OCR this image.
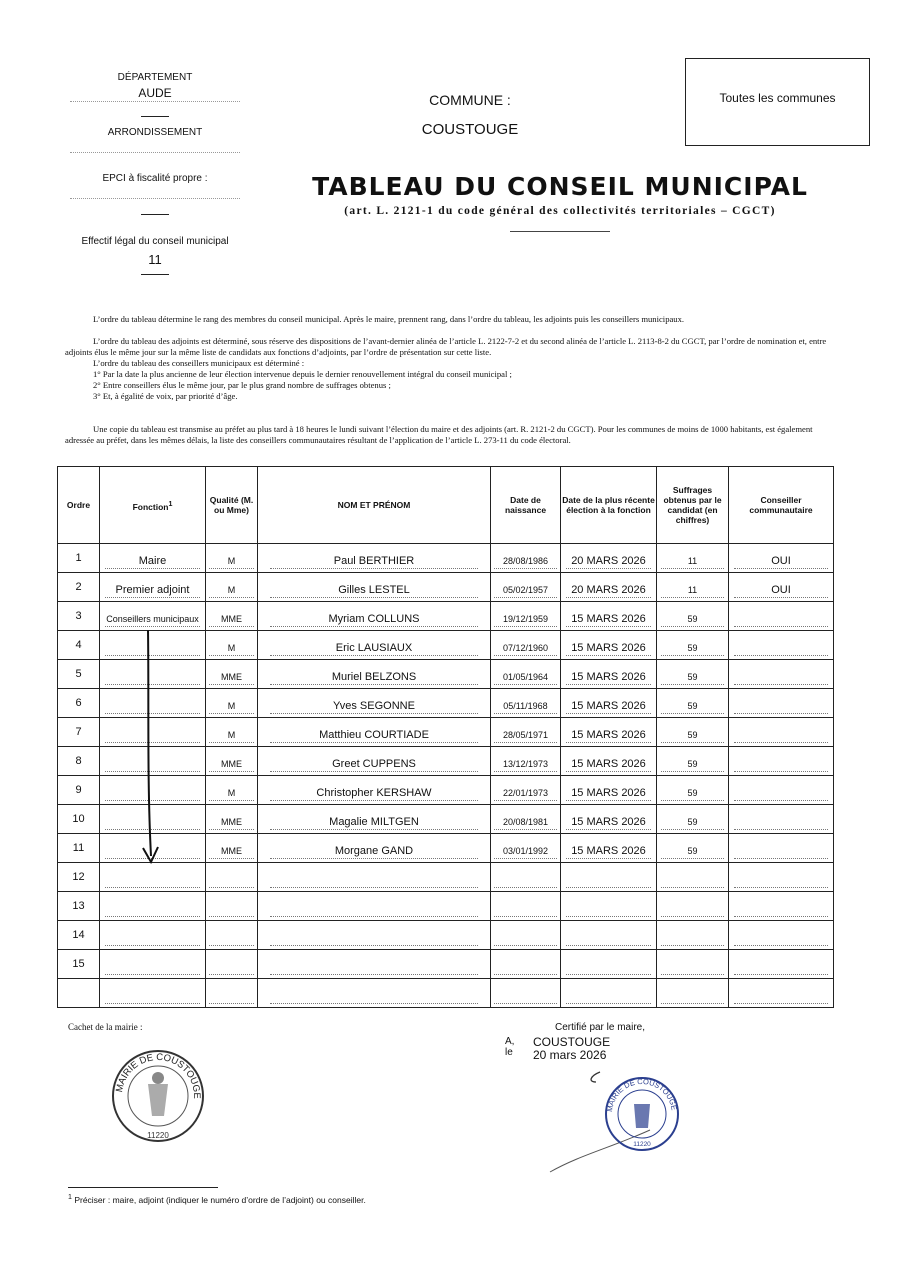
DÉPARTEMENT
AUDE
ARRONDISSEMENT
EPCI à fiscalité propre :
Effectif légal du conseil municipal
11
COMMUNE :
COUSTOUGE
Toutes les communes
TABLEAU DU CONSEIL MUNICIPAL
(art. L. 2121-1 du code général des collectivités territoriales – CGCT)

L’ordre du tableau détermine le rang des membres du conseil municipal. Après le maire, prennent rang, dans l’ordre du tableau, les adjoints puis les conseillers municipaux.

L’ordre du tableau des adjoints est déterminé, sous réserve des dispositions de l’avant-dernier alinéa de l’article L. 2122-7-2 et du second alinéa de l’article L. 2113-8-2 du CGCT, par l’ordre de nomination et, entre adjoints élus le même jour sur la même liste de candidats aux fonctions d’adjoints, par l’ordre de présentation sur cette liste.

L’ordre du tableau des conseillers municipaux est déterminé :

1° Par la date la plus ancienne de leur élection intervenue depuis le dernier renouvellement intégral du conseil municipal ;

2° Entre conseillers élus le même jour, par le plus grand nombre de suffrages obtenus ;

3° Et, à égalité de voix, par priorité d’âge.

Une copie du tableau est transmise au préfet au plus tard à 18 heures le lundi suivant l’élection du maire et des adjoints (art. R. 2121-2 du CGCT). Pour les communes de moins de 1000 habitants, est également adressée au préfet, dans les mêmes délais, la liste des conseillers communautaires résultant de l’application de l’article L. 273-11 du code électoral.

Ordre	Fonction$^1$	Qualité (M. ou Mme)	NOM ET PRÉNOM	Date de naissance	Date de la plus récente élection à la fonction	Suffrages obtenus par le candidat (en chiffres)	Conseiller communautaire
1	Maire	M	Paul BERTHIER	28/08/1986	20 MARS 2026	11	OUI
2	Premier adjoint	M	Gilles LESTEL	05/02/1957	20 MARS 2026	11	OUI
3	Conseillers municipaux	MME	Myriam COLLUNS	19/12/1959	15 MARS 2026	59	
4		M	Eric LAUSIAUX	07/12/1960	15 MARS 2026	59	
5		MME	Muriel BELZONS	01/05/1964	15 MARS 2026	59	
6		M	Yves SEGONNE	05/11/1968	15 MARS 2026	59	
7		M	Matthieu COURTIADE	28/05/1971	15 MARS 2026	59	
8		MME	Greet CUPPENS	13/12/1973	15 MARS 2026	59	
9		M	Christopher KERSHAW	22/01/1973	15 MARS 2026	59	
10		MME	Magalie MILTGEN	20/08/1981	15 MARS 2026	59	
11		MME	Morgane GAND	03/01/1992	15 MARS 2026	59	
12							
13							
14							
15							

Cachet de la mairie :
MAIRIE DE COUSTOUGE
11220
Certifié par le maire,
A,
le
COUSTOUGE
20 mars 2026
MAIRIE DE COUSTOUGE
11220
$^1$ Préciser : maire, adjoint (indiquer le numéro d’ordre de l’adjoint) ou conseiller.
